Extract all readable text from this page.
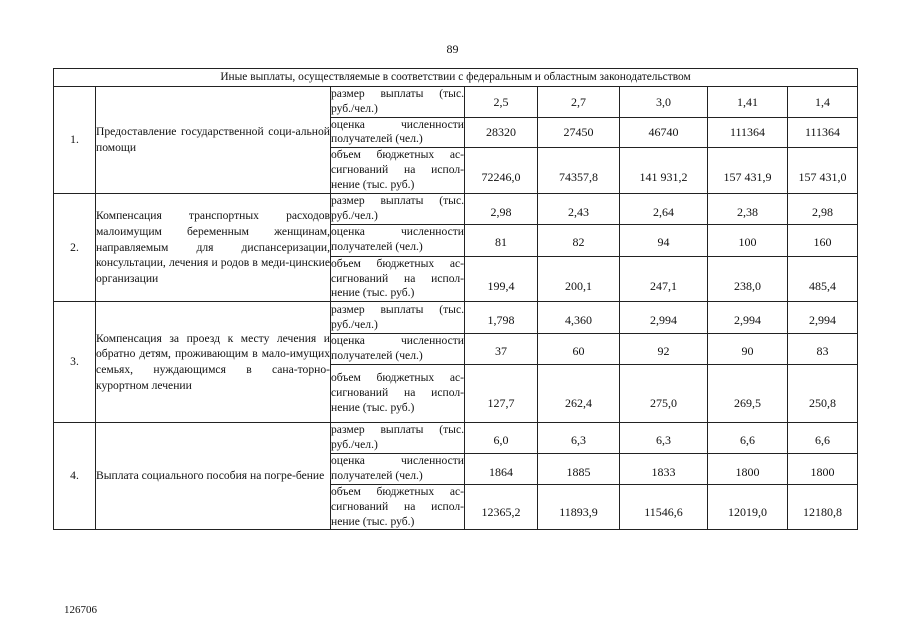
89
Иные выплаты, осуществляемые в соответствии с федеральным и областным законодательством							
1.	Предоставление государственной соци-альной помощи	размер выплаты (тыс. руб./чел.)	2,5	2,7	3,0	1,41	1,4

		оценка численности получателей (чел.)	28320	27450	46740	111364	111364

		объем бюджетных ас-сигнований на испол-нение (тыс. руб.)	72246,0	74357,8	141 931,2	157 431,9	157 431,0

2.	Компенсация транспортных расходов малоимущим беременным женщинам, направляемым для диспансеризации, консультации, лечения и родов в меди-цинские организации	размер выплаты (тыс. руб./чел.)	2,98	2,43	2,64	2,38	2,98

		оценка численности получателей (чел.)	81	82	94	100	160

		объем бюджетных ас-сигнований на испол-нение (тыс. руб.)	199,4	200,1	247,1	238,0	485,4

3.	Компенсация за проезд к месту лечения и обратно детям, проживающим в мало-имущих семьях, нуждающимся в сана-торно-курортном лечении	размер выплаты (тыс. руб./чел.)	1,798	4,360	2,994	2,994	2,994

		оценка численности получателей (чел.)	37	60	92	90	83

		объем бюджетных ас-сигнований на испол-нение (тыс. руб.)	127,7	262,4	275,0	269,5	250,8

4.	Выплата социального пособия на погре-бение	размер выплаты (тыс. руб./чел.)	6,0	6,3	6,3	6,6	6,6

		оценка численности получателей (чел.)	1864	1885	1833	1800	1800

		объем бюджетных ас-сигнований на испол-нение (тыс. руб.)	12365,2	11893,9	11546,6	12019,0	12180,8
126706
